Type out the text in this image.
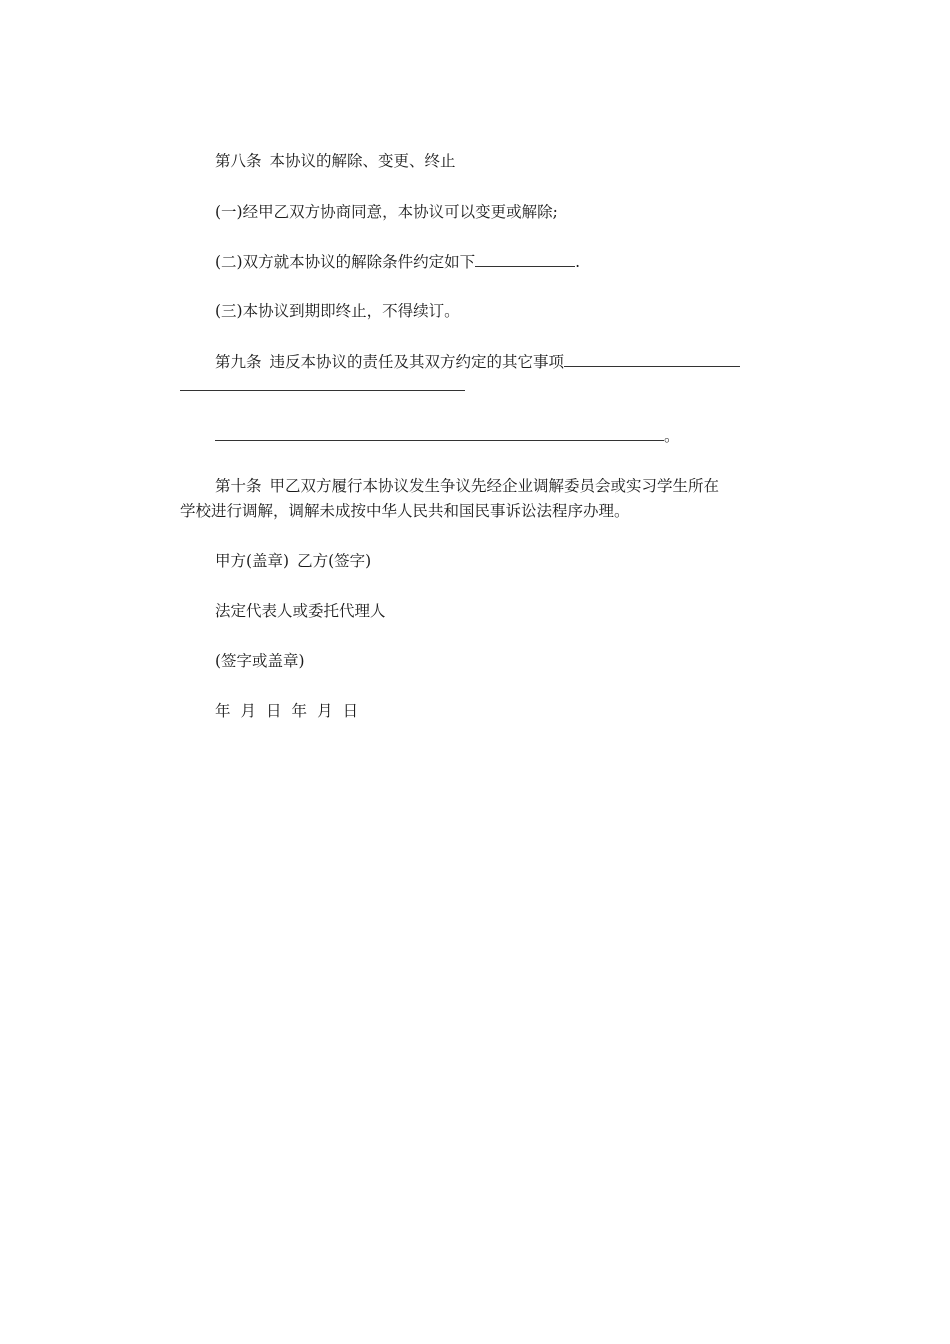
第八条 本协议的解除、变更、终止
(一)经甲乙双方协商同意，本协议可以变更或解除;
(二)双方就本协议的解除条件约定如下	.
(三)本协议到期即终止，不得续订。
第九条 违反本协议的责任及其双方约定的其它事项
。
第十条 甲乙双方履行本协议发生争议先经企业调解委员会或实习学生所在
学校进行调解，调解未成按中华人民共和国民事诉讼法程序办理。
甲方(盖章) 乙方(签字)
法定代表人或委托代理人
(签字或盖章)
年 月 日 年 月 日
